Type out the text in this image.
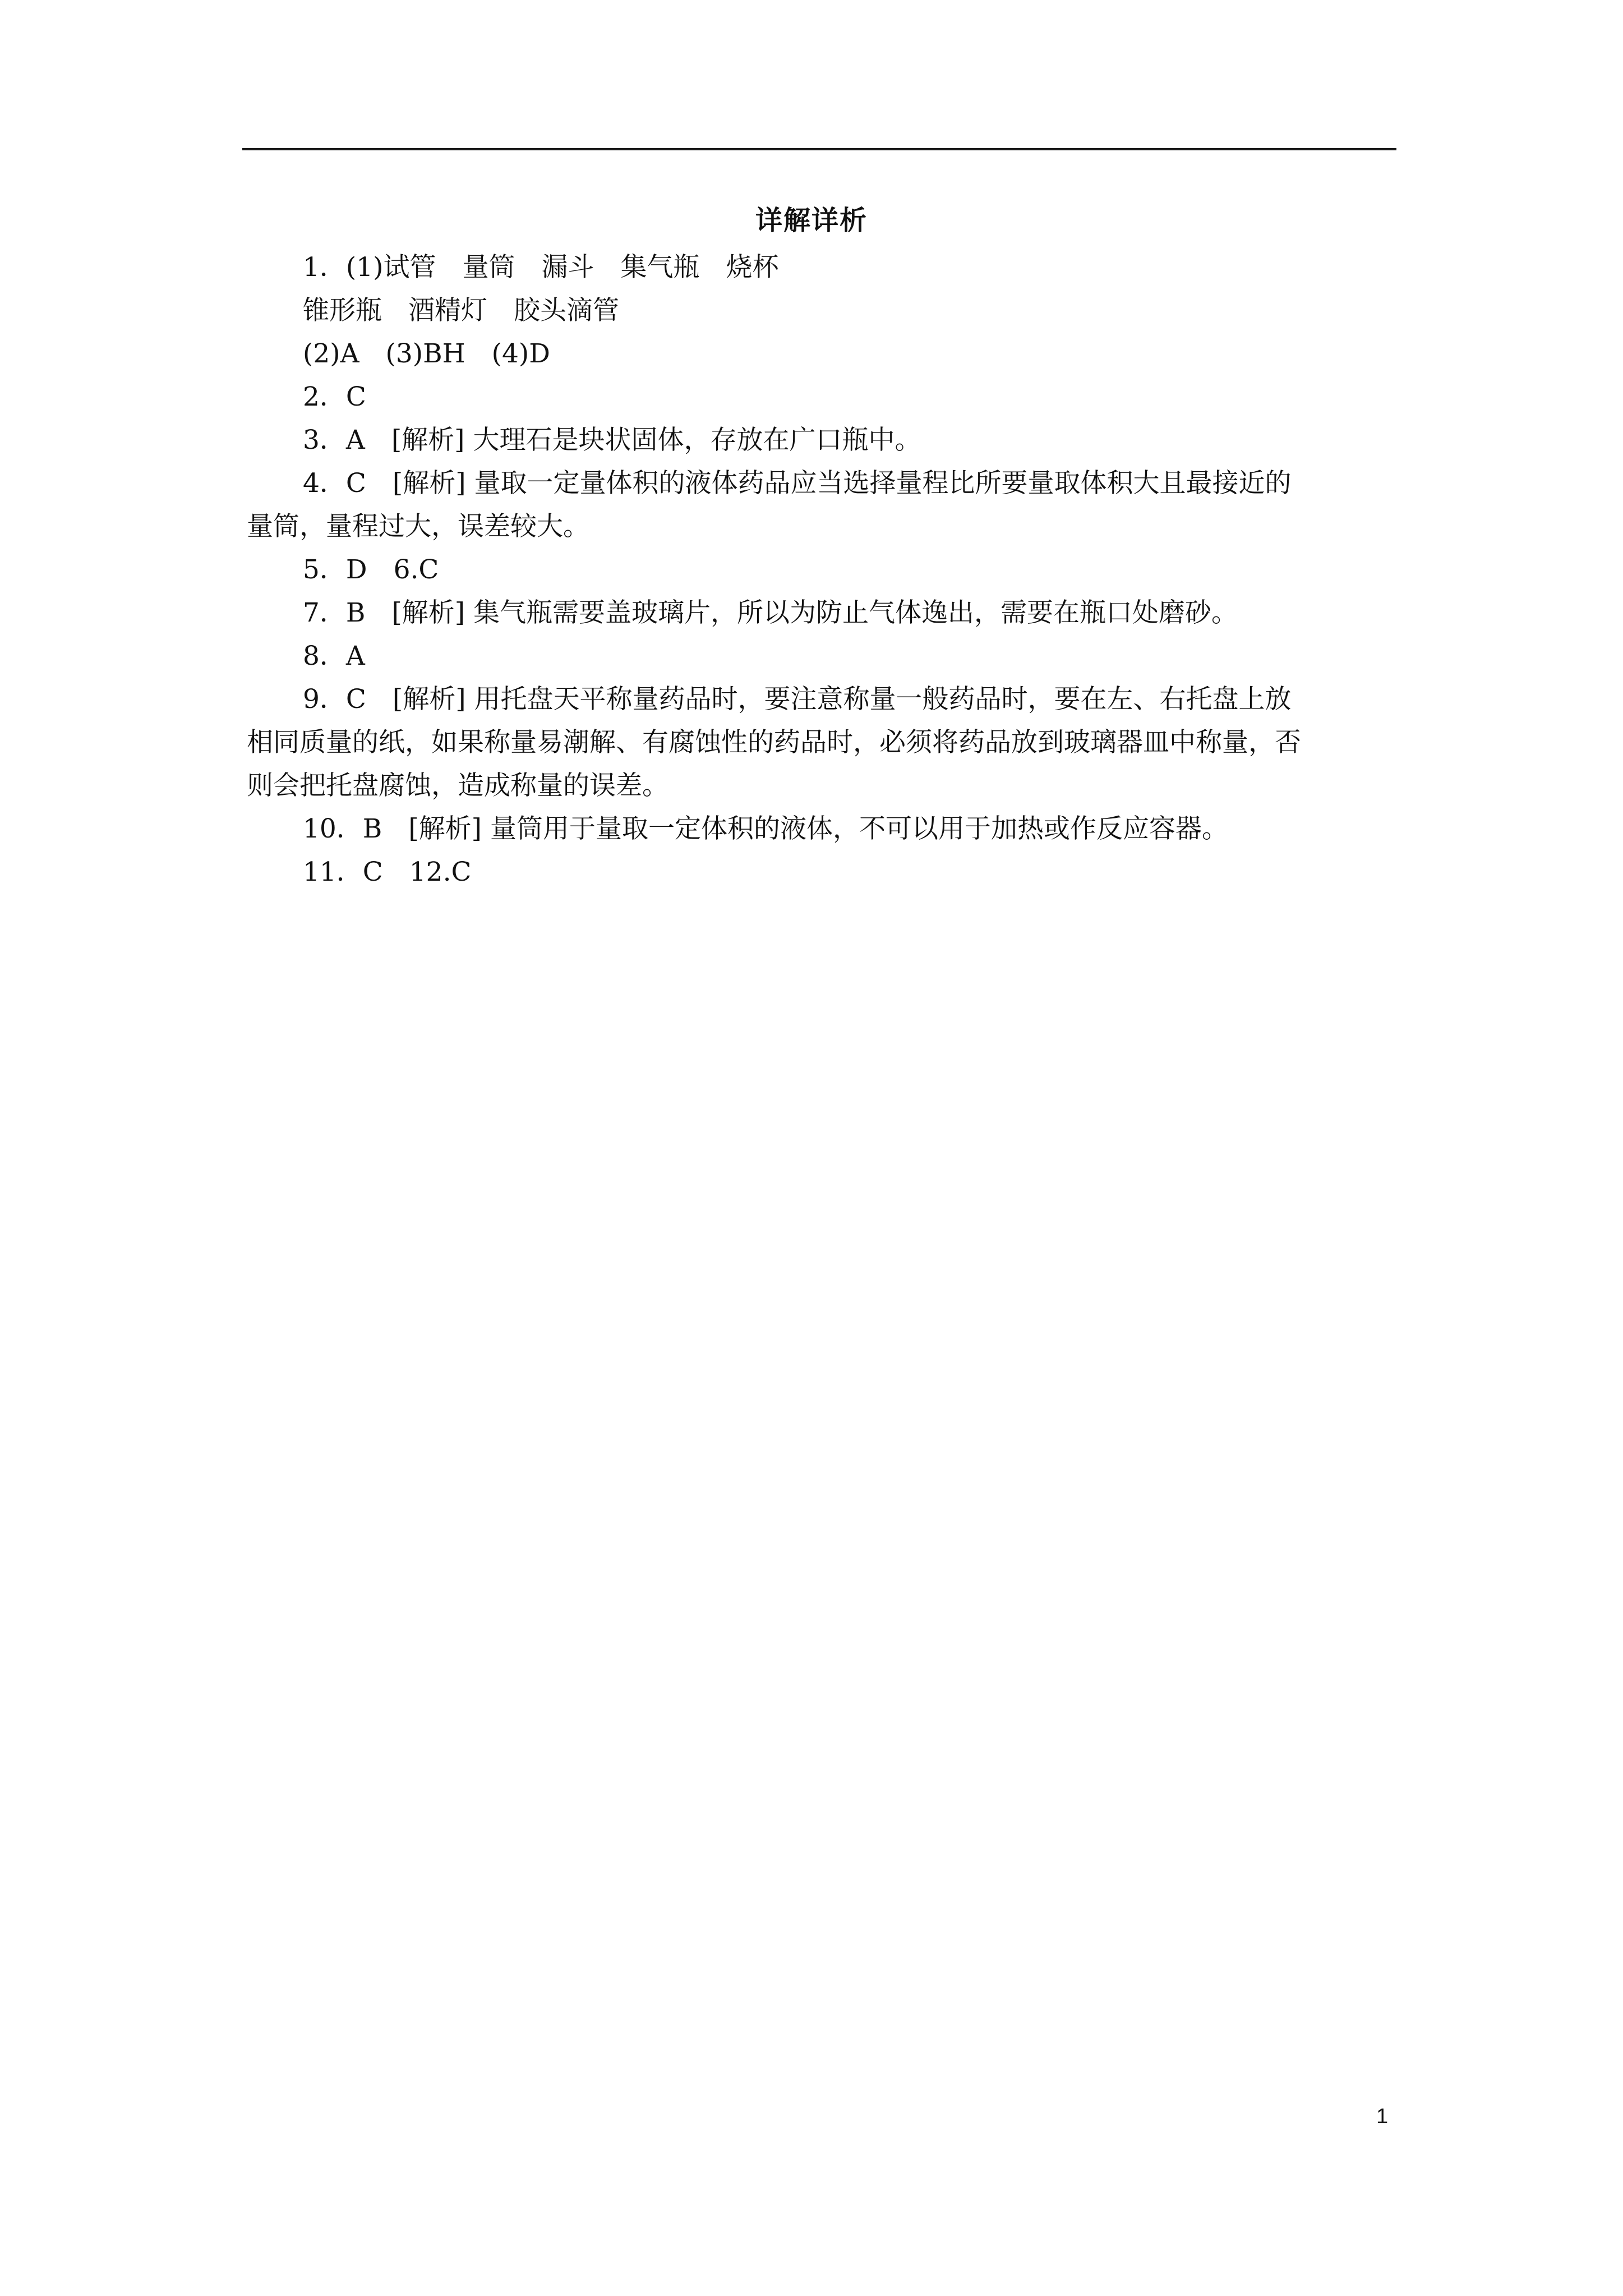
详解详析

1．(1)试管　量筒　漏斗　集气瓶　烧杯

锥形瓶　酒精灯　胶头滴管

(2)A　(3)BH　(4)D

2．C

3．A　[解析] 大理石是块状固体，存放在广口瓶中。

4．C　[解析] 量取一定量体积的液体药品应当选择量程比所要量取体积大且最接近的

量筒，量程过大，误差较大。

5．D　6.C

7．B　[解析] 集气瓶需要盖玻璃片，所以为防止气体逸出，需要在瓶口处磨砂。

8．A

9．C　[解析] 用托盘天平称量药品时，要注意称量一般药品时，要在左、右托盘上放

相同质量的纸，如果称量易潮解、有腐蚀性的药品时，必须将药品放到玻璃器皿中称量，否

则会把托盘腐蚀，造成称量的误差。

10．B　[解析] 量筒用于量取一定体积的液体，不可以用于加热或作反应容器。

11．C　12.C

1
